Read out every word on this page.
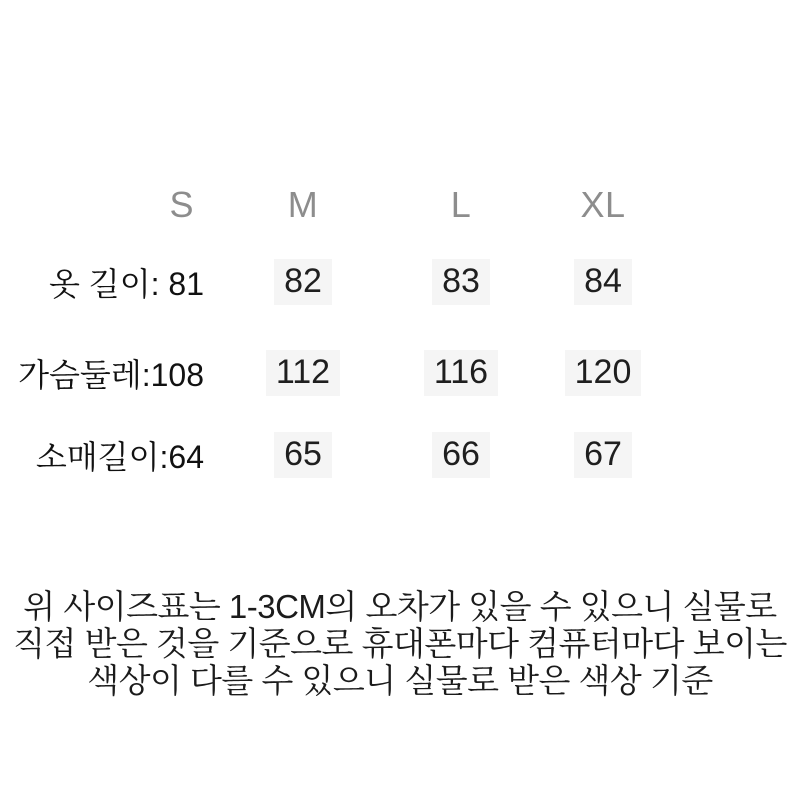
S	M	L	XL
옷 길이: 81	82	83	84
가슴둘레:108	112	116	120
소매길이:64	65	66	67
위 사이즈표는 1-3CM의 오차가 있을 수 있으니 실물로
직접 받은 것을 기준으로 휴대폰마다 컴퓨터마다 보이는
색상이 다를 수 있으니 실물로 받은 색상 기준
